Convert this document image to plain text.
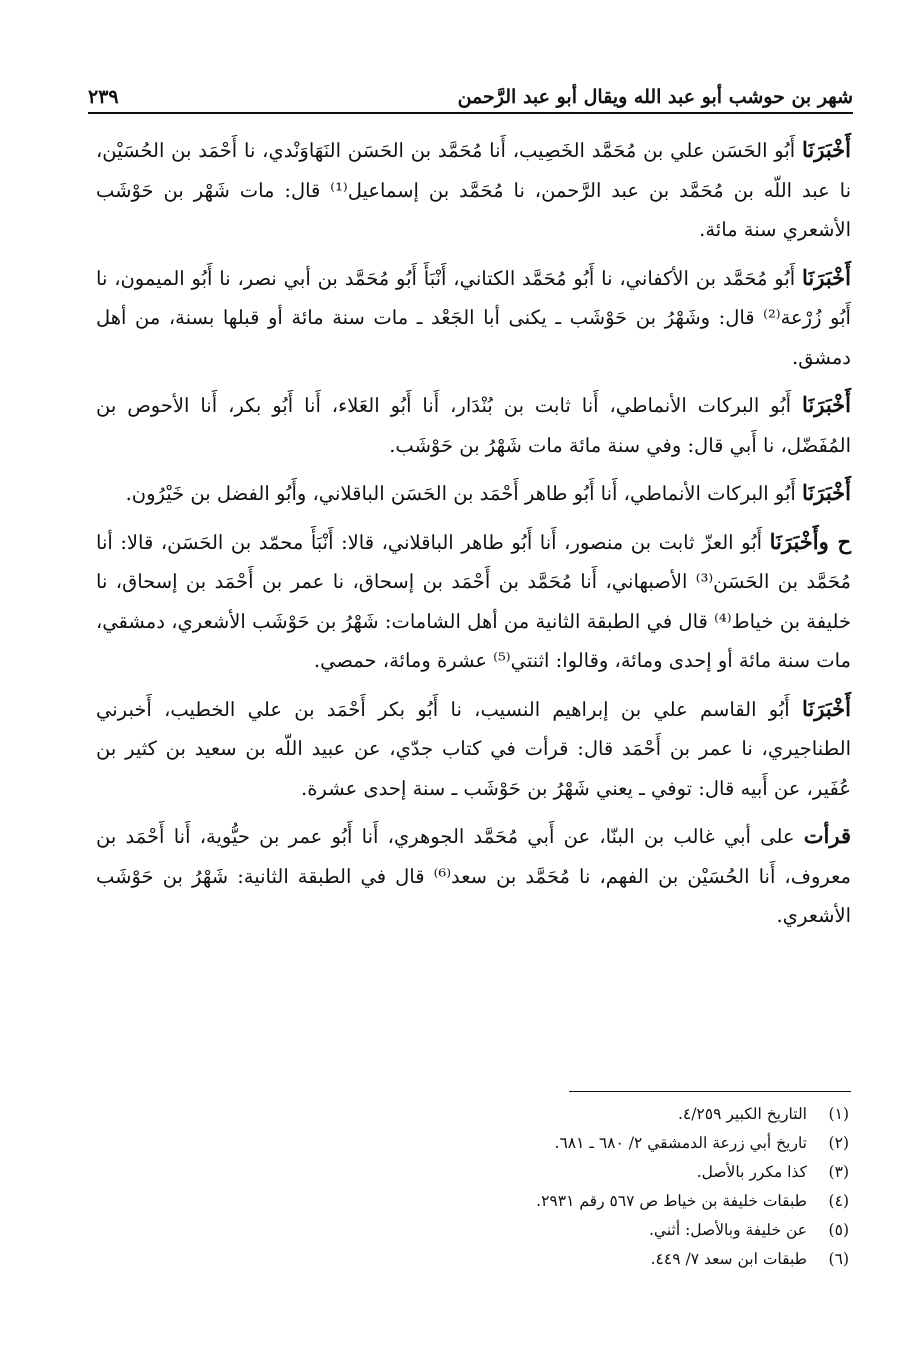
شهر بن حوشب أبو عبد الله ويقال أبو عبد الرَّحمن
٢٣٩

أَخْبَرَنَا أَبُو الحَسَن علي بن مُحَمَّد الخَصِيب، أَنا مُحَمَّد بن الحَسَن النَهَاوَنْدي، نا أَحْمَد بن الحُسَيْن، نا عبد اللّه بن مُحَمَّد بن عبد الرَّحمن، نا مُحَمَّد بن إسماعيل⁽¹⁾ قال: مات شَهْر بن حَوْشَب الأشعري سنة مائة.

أَخْبَرَنَا أَبُو مُحَمَّد بن الأكفاني، نا أَبُو مُحَمَّد الكتاني، أَنْبَأَ أَبُو مُحَمَّد بن أبي نصر، نا أَبُو الميمون، نا أَبُو زُرْعة⁽²⁾ قال: وشَهْرُ بن حَوْشَب ـ يكنى أبا الجَعْد ـ مات سنة مائة أو قبلها بسنة، من أهل دمشق.

أَخْبَرَنَا أَبُو البركات الأنماطي، أَنا ثابت بن بُنْدَار، أَنا أَبُو العَلاء، أَنا أَبُو بكر، أَنا الأحوص بن المُفَضّل، نا أَبي قال: وفي سنة مائة مات شَهْرُ بن حَوْشَب.

أَخْبَرَنَا أَبُو البركات الأنماطي، أَنا أَبُو طاهر أَحْمَد بن الحَسَن الباقلاني، وأَبُو الفضل بن خَيْرُون.

ح وأَخْبَرَنَا أَبُو العزّ ثابت بن منصور، أَنا أَبُو طاهر الباقلاني، قالا: أَنْبَأَ محمّد بن الحَسَن، قالا: أنا مُحَمَّد بن الحَسَن⁽³⁾ الأصبهاني، أَنا مُحَمَّد بن أَحْمَد بن إسحاق، نا عمر بن أَحْمَد بن إسحاق، نا خليفة بن خياط⁽⁴⁾ قال في الطبقة الثانية من أهل الشامات: شَهْرُ بن حَوْشَب الأشعري، دمشقي، مات سنة مائة أو إحدى ومائة، وقالوا: اثنتي⁽⁵⁾ عشرة ومائة، حمصي.

أَخْبَرَنَا أَبُو القاسم علي بن إبراهيم النسيب، نا أَبُو بكر أَحْمَد بن علي الخطيب، أَخبرني الطناجيري، نا عمر بن أَحْمَد قال: قرأت في كتاب جدّي، عن عبيد اللّه بن سعيد بن كثير بن عُفَير، عن أَبيه قال: توفي ـ يعني شَهْرُ بن حَوْشَب ـ سنة إحدى عشرة.

قرأت على أبي غالب بن البنّا، عن أَبي مُحَمَّد الجوهري، أَنا أَبُو عمر بن حيُّوية، أَنا أَحْمَد بن معروف، أَنا الحُسَيْن بن الفهم، نا مُحَمَّد بن سعد⁽⁶⁾ قال في الطبقة الثانية: شَهْرُ بن حَوْشَب الأشعري.

(١)
التاريخ الكبير ٤/٢٥٩.
(٢)
تاريخ أبي زرعة الدمشقي ٢/ ٦٨٠ ـ ٦٨١.
(٣)
كذا مكرر بالأصل.
(٤)
طبقات خليفة بن خياط ص ٥٦٧ رقم ٢٩٣١.
(٥)
عن خليفة وبالأصل: أثني.
(٦)
طبقات ابن سعد ٧/ ٤٤٩.
